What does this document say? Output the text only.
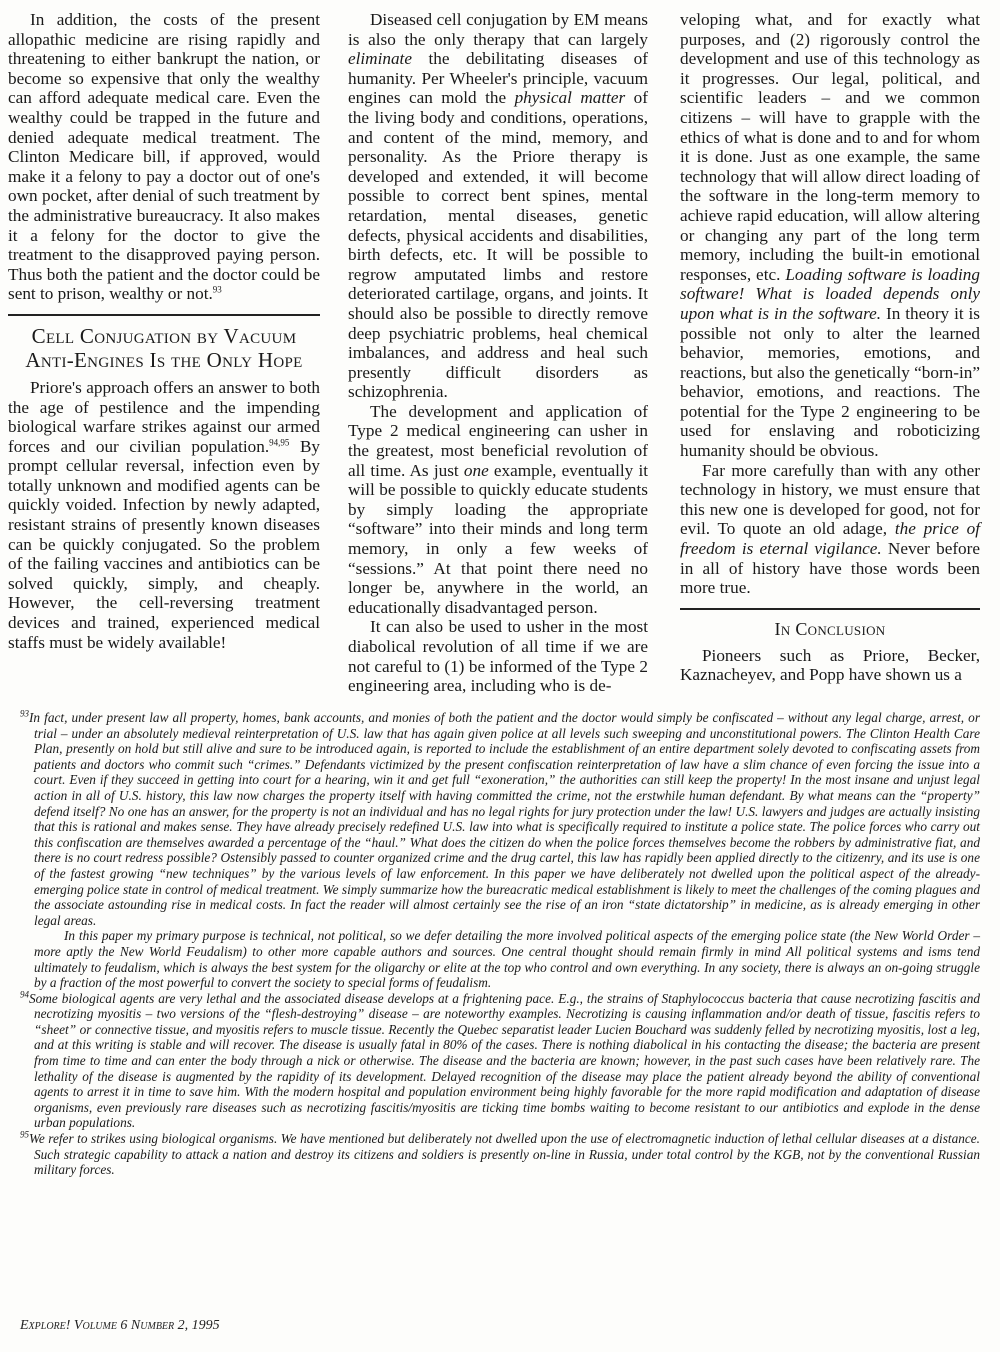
In addition, the costs of the present allopathic medicine are rising rapidly and threatening to either bankrupt the nation, or become so expensive that only the wealthy can afford adequate medical care. Even the wealthy could be trapped in the future and denied adequate medical treatment. The Clinton Medicare bill, if approved, would make it a felony to pay a doctor out of one's own pocket, after denial of such treatment by the administrative bureaucracy. It also makes it a felony for the doctor to give the treatment to the disapproved paying person. Thus both the patient and the doctor could be sent to prison, wealthy or not.$^{93}$

Cell Conjugation by Vacuum
Anti-Engines Is the Only Hope

Priore's approach offers an answer to both the age of pestilence and the impending biological warfare strikes against our armed forces and our civilian population.$^{94,95}$ By prompt cellular reversal, infection even by totally unknown and modified agents can be quickly voided. Infection by newly adapted, resistant strains of presently known diseases can be quickly conjugated. So the problem of the failing vaccines and antibiotics can be solved quickly, simply, and cheaply. However, the cell-reversing treatment devices and trained, experienced medical staffs must be widely available!

Diseased cell conjugation by EM means is also the only therapy that can largely eliminate the debilitating diseases of humanity. Per Wheeler's principle, vacuum engines can mold the physical matter of the living body and conditions, operations, and content of the mind, memory, and personality. As the Priore therapy is developed and extended, it will become possible to correct bent spines, mental retardation, mental diseases, genetic defects, physical accidents and disabilities, birth defects, etc. It will be possible to regrow amputated limbs and restore deteriorated cartilage, organs, and joints. It should also be possible to directly remove deep psychiatric problems, heal chemical imbalances, and address and heal such presently difficult disorders as schizophrenia.

The development and application of Type 2 medical engineering can usher in the greatest, most beneficial revolution of all time. As just one example, eventually it will be possible to quickly educate students by simply loading the appropriate “software” into their minds and long term memory, in only a few weeks of “sessions.” At that point there need no longer be, anywhere in the world, an educationally disadvantaged person.

It can also be used to usher in the most diabolical revolution of all time if we are not careful to (1) be informed of the Type 2 engineering area, including who is de-

veloping what, and for exactly what purposes, and (2) rigorously control the development and use of this technology as it progresses. Our legal, political, and scientific leaders – and we common citizens – will have to grapple with the ethics of what is done and to and for whom it is done. Just as one example, the same technology that will allow direct loading of the software in the long-term memory to achieve rapid education, will allow altering or changing any part of the long term memory, including the built-in emotional responses, etc. Loading software is loading software! What is loaded depends only upon what is in the software. In theory it is possible not only to alter the learned behavior, memories, emotions, and reactions, but also the genetically “born-in” behavior, emotions, and reactions. The potential for the Type 2 engineering to be used for enslaving and roboticizing humanity should be obvious.

Far more carefully than with any other technology in history, we must ensure that this new one is developed for good, not for evil. To quote an old adage, the price of freedom is eternal vigilance. Never before in all of history have those words been more true.

In Conclusion

Pioneers such as Priore, Becker, Kaznacheyev, and Popp have shown us a

$^{93}$In fact, under present law all property, homes, bank accounts, and monies of both the patient and the doctor would simply be confiscated – without any legal charge, arrest, or trial – under an absolutely medieval reinterpretation of U.S. law that has again given police at all levels such sweeping and unconstitutional powers. The Clinton Health Care Plan, presently on hold but still alive and sure to be introduced again, is reported to include the establishment of an entire department solely devoted to confiscating assets from patients and doctors who commit such “crimes.” Defendants victimized by the present confiscation reinterpretation of law have a slim chance of even forcing the issue into a court. Even if they succeed in getting into court for a hearing, win it and get full “exoneration,” the authorities can still keep the property! In the most insane and unjust legal action in all of U.S. history, this law now charges the property itself with having committed the crime, not the erstwhile human defendant. By what means can the “property” defend itself? No one has an answer, for the property is not an individual and has no legal rights for jury protection under the law! U.S. lawyers and judges are actually insisting that this is rational and makes sense. They have already precisely redefined U.S. law into what is specifically required to institute a police state. The police forces who carry out this confiscation are themselves awarded a percentage of the “haul.” What does the citizen do when the police forces themselves become the robbers by administrative fiat, and there is no court redress possible? Ostensibly passed to counter organized crime and the drug cartel, this law has rapidly been applied directly to the citizenry, and its use is one of the fastest growing “new techniques” by the various levels of law enforcement. In this paper we have deliberately not dwelled upon the political aspect of the already-emerging police state in control of medical treatment. We simply summarize how the bureacratic medical establishment is likely to meet the challenges of the coming plagues and the associate astounding rise in medical costs. In fact the reader will almost certainly see the rise of an iron “state dictatorship” in medicine, as is already emerging in other legal areas.

In this paper my primary purpose is technical, not political, so we defer detailing the more involved political aspects of the emerging police state (the New World Order – more aptly the New World Feudalism) to other more capable authors and sources. One central thought should remain firmly in mind All political systems and isms tend ultimately to feudalism, which is always the best system for the oligarchy or elite at the top who control and own everything. In any society, there is always an on-going struggle by a fraction of the most powerful to convert the society to special forms of feudalism.

$^{94}$Some biological agents are very lethal and the associated disease develops at a frightening pace. E.g., the strains of Staphylococcus bacteria that cause necrotizing fascitis and necrotizing myositis – two versions of the “flesh-destroying” disease – are noteworthy examples. Necrotizing is causing inflammation and/or death of tissue, fascitis refers to “sheet” or connective tissue, and myositis refers to muscle tissue. Recently the Quebec separatist leader Lucien Bouchard was suddenly felled by necrotizing myositis, lost a leg, and at this writing is stable and will recover. The disease is usually fatal in 80% of the cases. There is nothing diabolical in his contacting the disease; the bacteria are present from time to time and can enter the body through a nick or otherwise. The disease and the bacteria are known; however, in the past such cases have been relatively rare. The lethality of the disease is augmented by the rapidity of its development. Delayed recognition of the disease may place the patient already beyond the ability of conventional agents to arrest it in time to save him. With the modern hospital and population environment being highly favorable for the more rapid modification and adaptation of disease organisms, even previously rare diseases such as necrotizing fascitis/myositis are ticking time bombs waiting to become resistant to our antibiotics and explode in the dense urban populations.

$^{95}$We refer to strikes using biological organisms. We have mentioned but deliberately not dwelled upon the use of electromagnetic induction of lethal cellular diseases at a distance. Such strategic capability to attack a nation and destroy its citizens and soldiers is presently on-line in Russia, under total control by the KGB, not by the conventional Russian military forces.

Explore! Volume 6 Number 2, 1995
